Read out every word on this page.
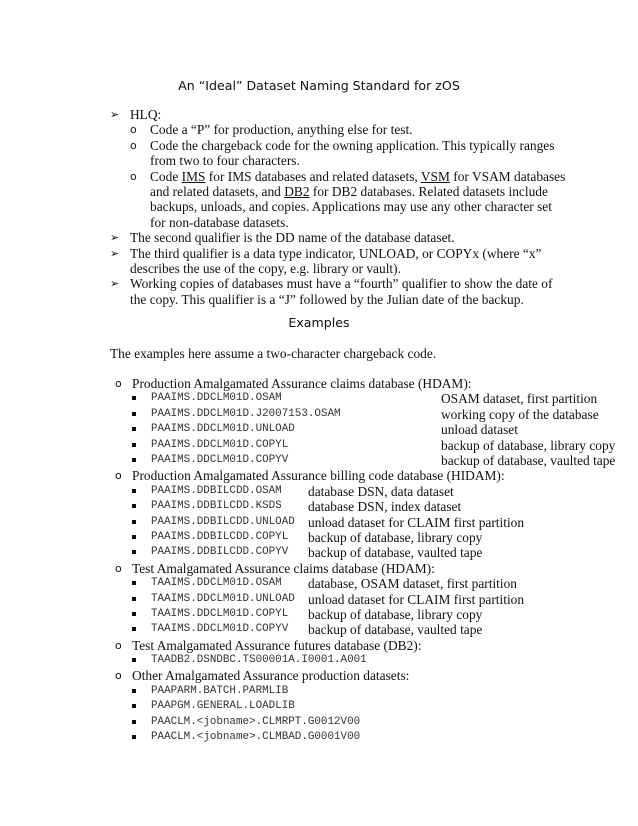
An “Ideal” Dataset Naming Standard for zOS
➢ HLQ:
o Code a “P” for production, anything else for test.
o Code the chargeback code for the owning application. This typically ranges
from two to four characters.
o Code IMS for IMS databases and related datasets, VSM for VSAM databases
and related datasets, and DB2 for DB2 databases. Related datasets include
backups, unloads, and copies. Applications may use any other character set
for non-database datasets.
➢ The second qualifier is the DD name of the database dataset.
➢ The third qualifier is a data type indicator, UNLOAD, or COPYx (where “x”
describes the use of the copy, e.g. library or vault).
➢ Working copies of databases must have a “fourth” qualifier to show the date of
the copy. This qualifier is a “J” followed by the Julian date of the backup.
Examples
The examples here assume a two-character chargeback code.
o Production Amalgamated Assurance claims database (HDAM):
PAAIMS.DDCLM01D.OSAM	OSAM dataset, first partition
PAAIMS.DDCLM01D.J2007153.OSAM	working copy of the database
PAAIMS.DDCLM01D.UNLOAD	unload dataset
PAAIMS.DDCLM01D.COPYL	backup of database, library copy
PAAIMS.DDCLM01D.COPYV	backup of database, vaulted tape
o Production Amalgamated Assurance billing code database (HIDAM):
PAAIMS.DDBILCDD.OSAM database DSN, data dataset
PAAIMS.DDBILCDD.KSDS database DSN, index dataset
PAAIMS.DDBILCDD.UNLOAD unload dataset for CLAIM first partition
PAAIMS.DDBILCDD.COPYL backup of database, library copy
PAAIMS.DDBILCDD.COPYV backup of database, vaulted tape
o Test Amalgamated Assurance claims database (HDAM):
TAAIMS.DDCLM01D.OSAM database, OSAM dataset, first partition
TAAIMS.DDCLM01D.UNLOAD unload dataset for CLAIM first partition
TAAIMS.DDCLM01D.COPYL backup of database, library copy
TAAIMS.DDCLM01D.COPYV backup of database, vaulted tape
o Test Amalgamated Assurance futures database (DB2):
TAADB2.DSNDBC.TS00001A.I0001.A001
o Other Amalgamated Assurance production datasets:
PAAPARM.BATCH.PARMLIB
PAAPGM.GENERAL.LOADLIB
PAACLM.<jobname>.CLMRPT.G0012V00
PAACLM.<jobname>.CLMBAD.G0001V00
